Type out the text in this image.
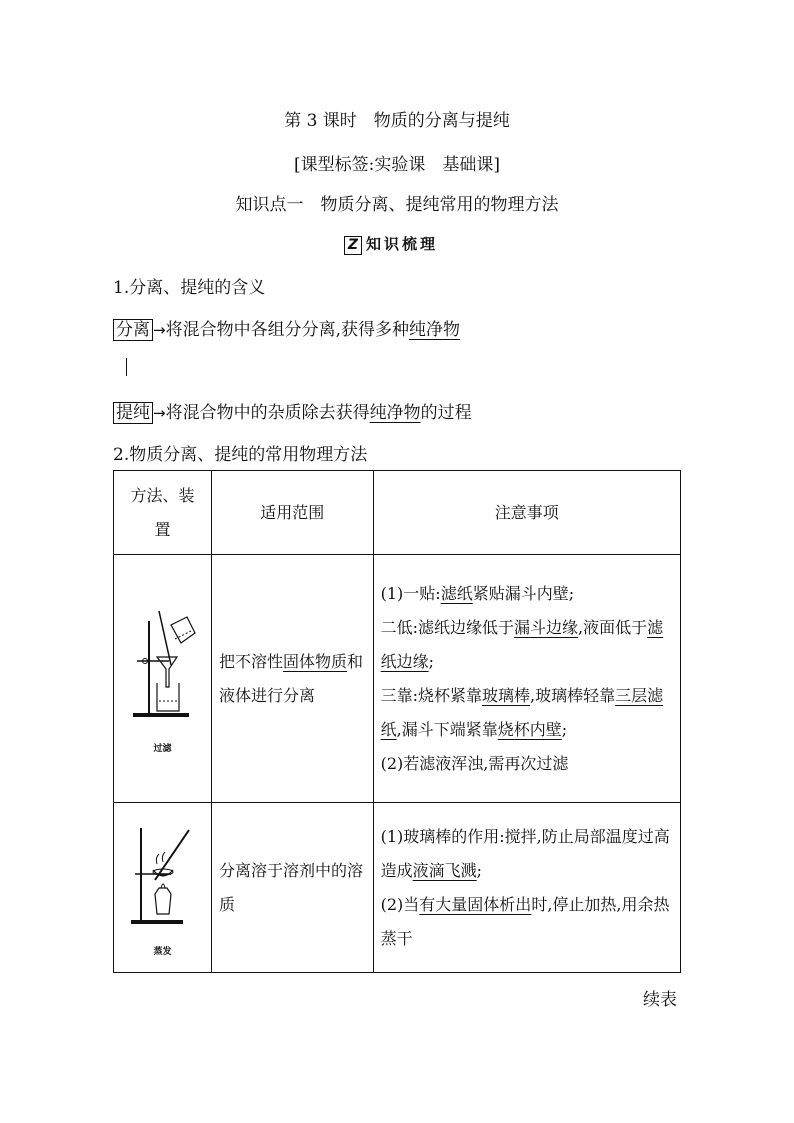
第 3 课时　物质的分离与提纯
[课型标签:实验课　基础课]
知识点一　物质分离、提纯常用的物理方法
Z 知识梳理
1.分离、提纯的含义
分离 →将混合物中各组分分离,获得多种纯净物
提纯 →将混合物中的杂质除去获得纯净物的过程
2.物质分离、提纯的常用物理方法
方法、装
置	适用范围	注意事项

过滤	把不溶性固体物质和液体进行分离	(1)一贴:滤纸紧贴漏斗内壁;
二低:滤纸边缘低于漏斗边缘,液面低于滤纸边缘;
三靠:烧杯紧靠玻璃棒,玻璃棒轻靠三层滤纸,漏斗下端紧靠烧杯内壁;
(2)若滤液浑浊,需再次过滤

蒸发	分离溶于溶剂中的溶质	(1)玻璃棒的作用:搅拌,防止局部温度过高造成液滴飞溅;
(2)当有大量固体析出时,停止加热,用余热蒸干
续表
